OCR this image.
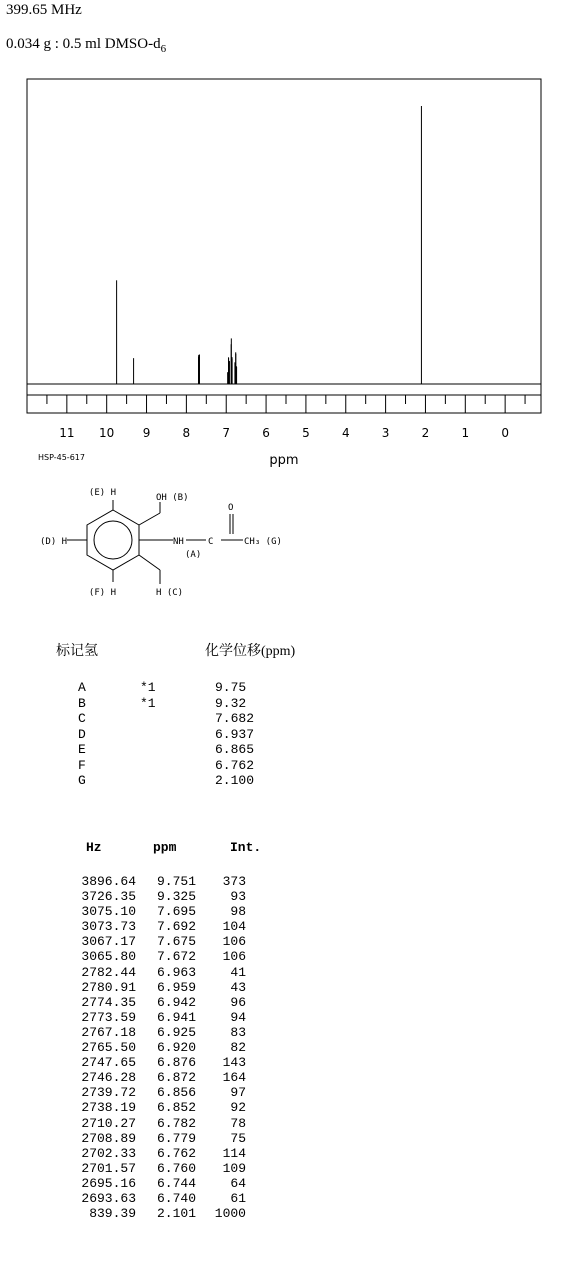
399.65 MHz
0.034 g : 0.5 ml DMSO-$d_6$
11 10 9	8	7	6	5	4	3	2	1	0
ppm
HSP-45-617
(E) H	OH (B)
(D) H	NH
(A)
O
C	CH₃ (G)
(F) H	H (C)
标记氢	化学位移(ppm)
A	*1	9.75
B	*1	9.32
C		7.682
D		6.937
E		6.865
F		6.762
G		2.100
Hz	ppm	Int.
3896.64	9.751	373
3726.35	9.325	93
3075.10	7.695	98
3073.73	7.692	104
3067.17	7.675	106
3065.80	7.672	106
2782.44	6.963	41
2780.91	6.959	43
2774.35	6.942	96
2773.59	6.941	94
2767.18	6.925	83
2765.50	6.920	82
2747.65	6.876	143
2746.28	6.872	164
2739.72	6.856	97
2738.19	6.852	92
2710.27	6.782	78
2708.89	6.779	75
2702.33	6.762	114
2701.57	6.760	109
2695.16	6.744	64
2693.63	6.740	61
839.39	2.101	1000
